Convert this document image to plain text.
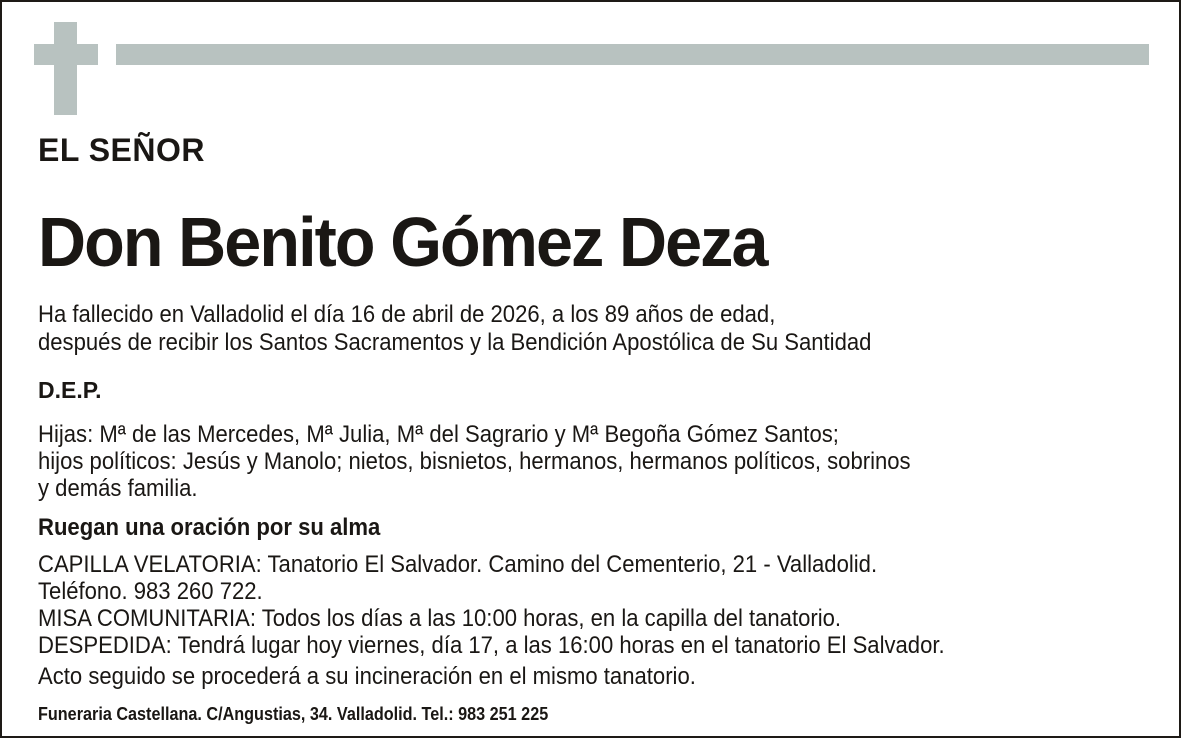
EL SEÑOR
Don Benito Gómez Deza
Ha fallecido en Valladolid el día 16 de abril de 2026, a los 89 años de edad,
después de recibir los Santos Sacramentos y la Bendición Apostólica de Su Santidad
D.E.P.
Hijas: Mª de las Mercedes, Mª Julia, Mª del Sagrario y Mª Begoña Gómez Santos;
hijos políticos: Jesús y Manolo; nietos, bisnietos, hermanos, hermanos políticos, sobrinos
y demás familia.
Ruegan una oración por su alma
CAPILLA VELATORIA: Tanatorio El Salvador. Camino del Cementerio, 21 - Valladolid.
Teléfono. 983 260 722.
MISA COMUNITARIA: Todos los días a las 10:00 horas, en la capilla del tanatorio.
DESPEDIDA: Tendrá lugar hoy viernes, día 17, a las 16:00 horas en el tanatorio El Salvador.
Acto seguido se procederá a su incineración en el mismo tanatorio.
Funeraria Castellana. C/Angustias, 34. Valladolid. Tel.: 983 251 225
